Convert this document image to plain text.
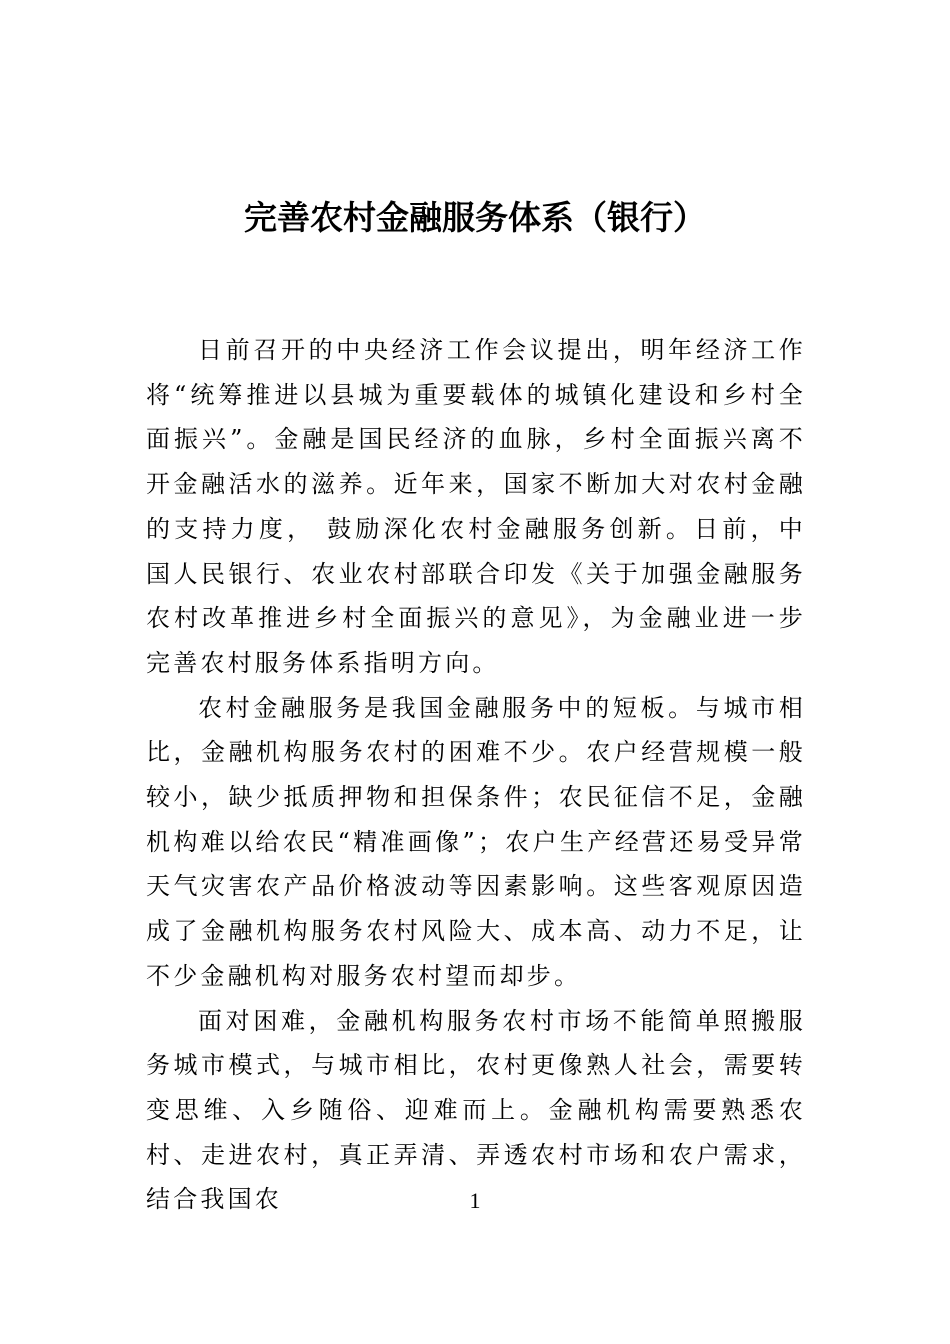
完善农村金融服务体系（银行）

日前召开的中央经济工作会议提出，明年经济工作将“统筹推进以县城为重要载体的城镇化建设和乡村全面振兴”。金融是国民经济的血脉，乡村全面振兴离不开金融活水的滋养。近年来，国家不断加大对农村金融的支持力度， 鼓励深化农村金融服务创新。日前，中国人民银行、农业农村部联合印发《关于加强金融服务农村改革推进乡村全面振兴的意见》，为金融业进一步完善农村服务体系指明方向。

农村金融服务是我国金融服务中的短板。与城市相比，金融机构服务农村的困难不少。农户经营规模一般较小，缺少抵质押物和担保条件；农民征信不足，金融机构难以给农民“精准画像”；农户生产经营还易受异常天气灾害农产品价格波动等因素影响。这些客观原因造成了金融机构服务农村风险大、成本高、动力不足，让不少金融机构对服务农村望而却步。

面对困难，金融机构服务农村市场不能简单照搬服务城市模式，与城市相比，农村更像熟人社会，需要转变思维、入乡随俗、迎难而上。金融机构需要熟悉农村、走进农村，真正弄清、弄透农村市场和农户需求，结合我国农	1
